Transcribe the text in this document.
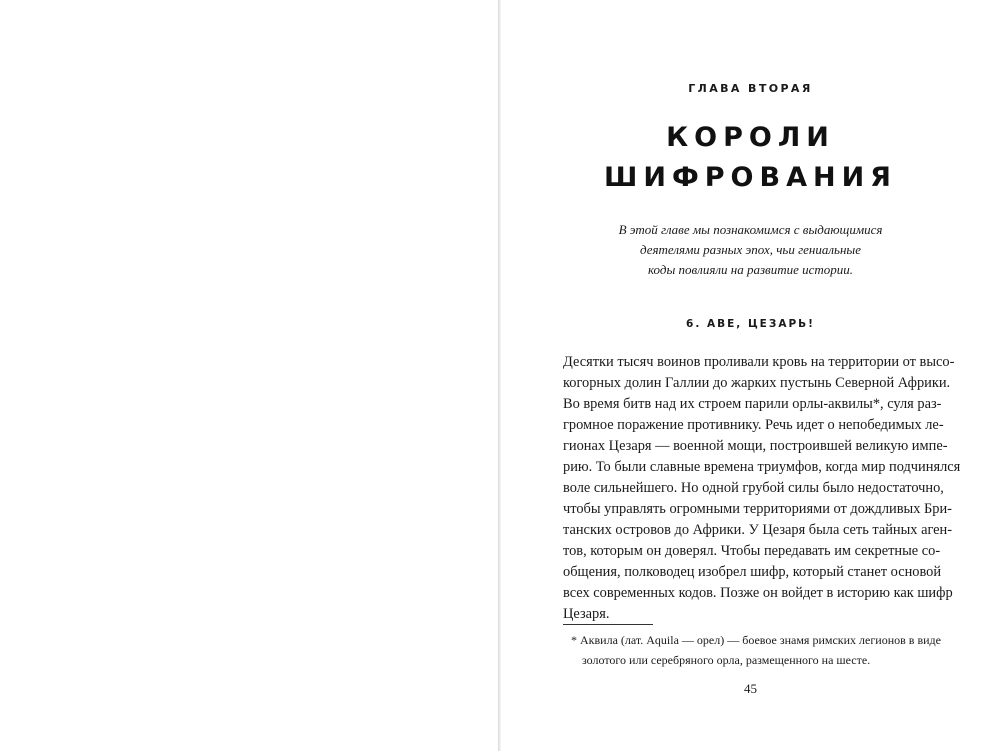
ГЛАВА ВТОРАЯ
КОРОЛИ
ШИФРОВАНИЯ
В этой главе мы познакомимся с выдающимися
деятелями разных эпох, чьи гениальные
коды повлияли на развитие истории.
6. АВЕ, ЦЕЗАРЬ!
Десятки тысяч воинов проливали кровь на территории от высо-
когорных долин Галлии до жарких пустынь Северной Африки.
Во время битв над их строем парили орлы-аквилы*, суля раз-
громное поражение противнику. Речь идет о непобедимых ле-
гионах Цезаря — военной мощи, построившей великую импе-
рию. То были славные времена триумфов, когда мир подчинялся
воле сильнейшего. Но одной грубой силы было недостаточно,
чтобы управлять огромными территориями от дождливых Бри-
танских островов до Африки. У Цезаря была сеть тайных аген-
тов, которым он доверял. Чтобы передавать им секретные со-
общения, полководец изобрел шифр, который станет основой
всех современных кодов. Позже он войдет в историю как шифр
Цезаря.
* Аквила (лат. Aquila — орел) — боевое знамя римских легионов в виде
золотого или серебряного орла, размещенного на шесте.
45
